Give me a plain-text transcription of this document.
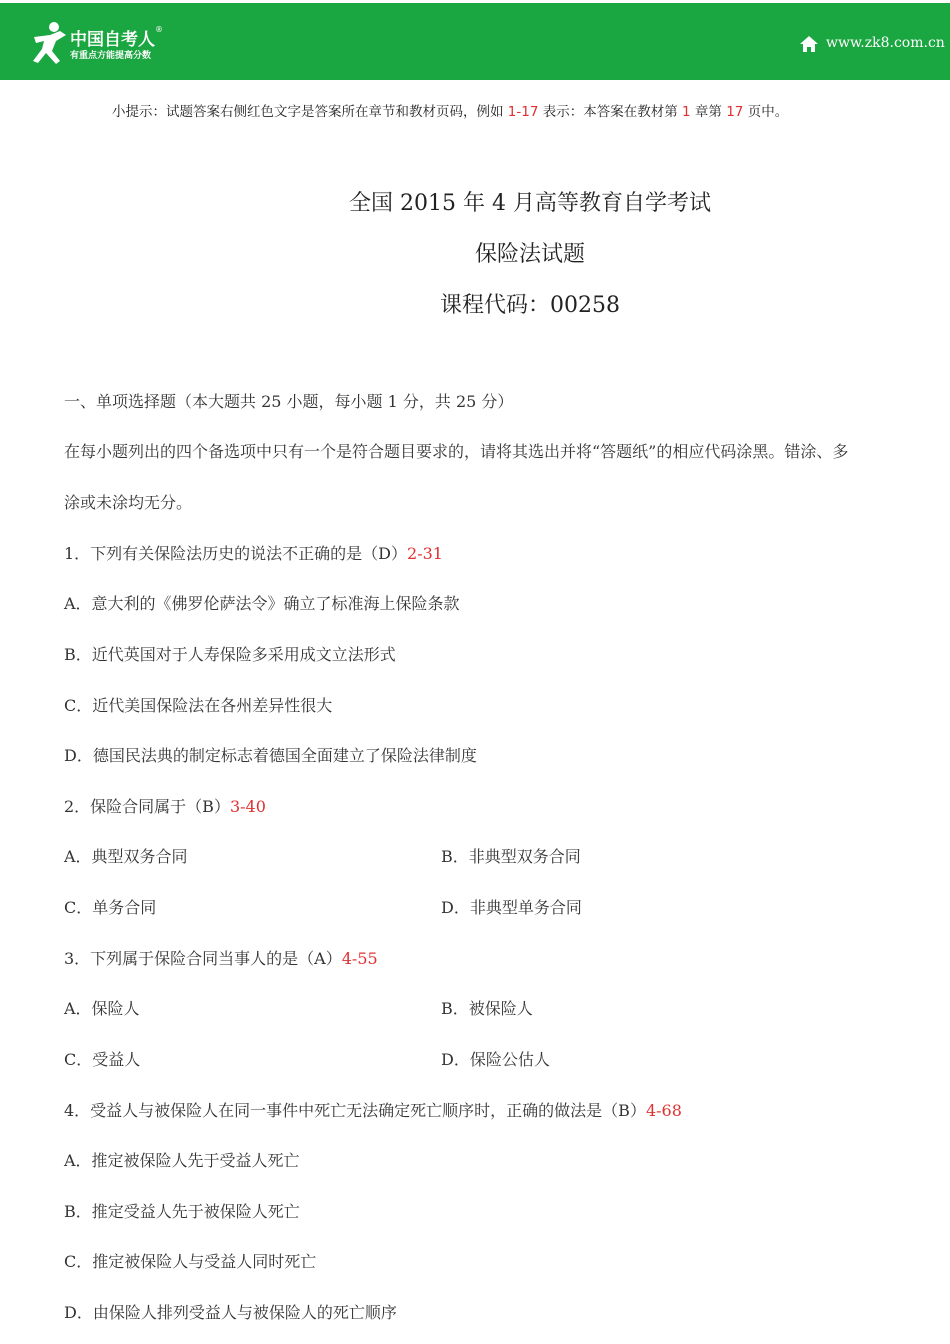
中国自考人®
有重点方能提高分数
www.zk8.com.cn
小提示：试题答案右侧红色文字是答案所在章节和教材页码，例如 1-17 表示：本答案在教材第 1 章第 17 页中。
全国 2015 年 4 月高等教育自学考试
保险法试题
课程代码：00258
一、单项选择题（本大题共 25 小题，每小题 1 分，共 25 分）
在每小题列出的四个备选项中只有一个是符合题目要求的，请将其选出并将“答题纸”的相应代码涂黑。错涂、多
涂或未涂均无分。
1．下列有关保险法历史的说法不正确的是（D）2-31
A．意大利的《佛罗伦萨法令》确立了标准海上保险条款
B．近代英国对于人寿保险多采用成文立法形式
C．近代美国保险法在各州差异性很大
D．德国民法典的制定标志着德国全面建立了保险法律制度
2．保险合同属于（B）3-40
A．典型双务合同	B．非典型双务合同
C．单务合同	D．非典型单务合同
3．下列属于保险合同当事人的是（A）4-55
A．保险人	B．被保险人
C．受益人	D．保险公估人
4．受益人与被保险人在同一事件中死亡无法确定死亡顺序时，正确的做法是（B）4-68
A．推定被保险人先于受益人死亡
B．推定受益人先于被保险人死亡
C．推定被保险人与受益人同时死亡
D．由保险人排列受益人与被保险人的死亡顺序
